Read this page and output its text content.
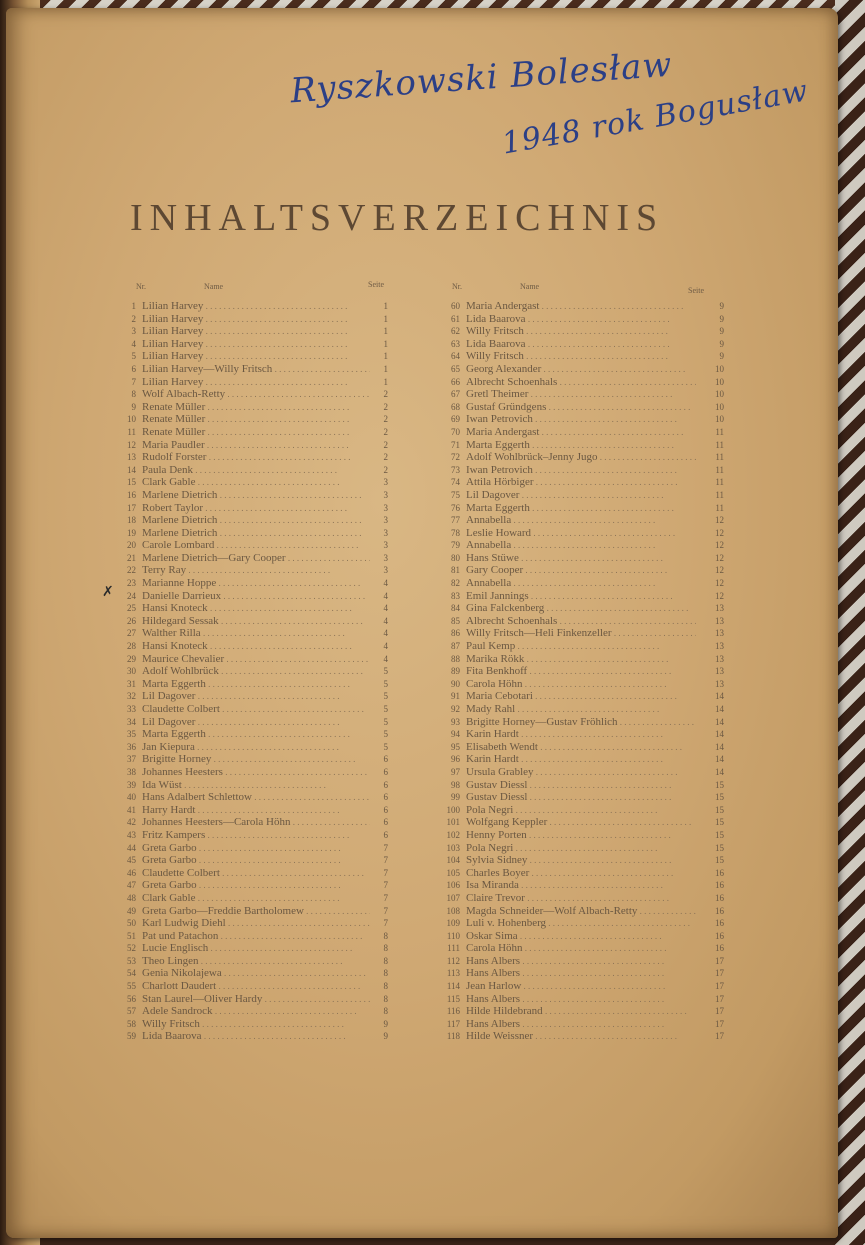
Ryszkowski Bolesław
1948 rok Bogusław
INHALTSVERZEICHNIS
Nr.	Name	Seite	Nr.	Name	Seite
✗
1 Lilian Harvey . . .	1
2 Lilian Harvey . . .	1
3 Lilian Harvey . . .	1
4 Lilian Harvey . . .	1
5 Lilian Harvey . . .	1
6 Lilian Harvey—Willy Fritsch . . .	1
7 Lilian Harvey . . .	1
8 Wolf Albach-Retty . . .	2
9 Renate Müller . . .	2
10 Renate Müller . . .	2
11 Renate Müller . . .	2
12 Maria Paudler . . .	2
13 Rudolf Forster . . .	2
14 Paula Denk . . .	2
15 Clark Gable . . .	3
16 Marlene Dietrich . . .	3
17 Robert Taylor . . .	3
18 Marlene Dietrich . . .	3
19 Marlene Dietrich . . .	3
20 Carole Lombard . . .	3
21 Marlene Dietrich—Gary Cooper . . .	3
22 Terry Ray . . .	3
23 Marianne Hoppe . . .	4
24 Danielle Darrieux . . .	4
25 Hansi Knoteck . . .	4
26 Hildegard Sessak . . .	4
27 Walther Rilla . . .	4
28 Hansi Knoteck . . .	4
29 Maurice Chevalier . . .	4
30 Adolf Wohlbrück . . .	5
31 Marta Eggerth . . .	5
32 Lil Dagover . . .	5
33 Claudette Colbert . . .	5
34 Lil Dagover . . .	5
35 Marta Eggerth . . .	5
36 Jan Kiepura . . .	5
37 Brigitte Horney . . .	6
38 Johannes Heesters . . .	6
39 Ida Wüst . . .	6
40 Hans Adalbert Schlettow . . .	6
41 Harry Hardt . . .	6
42 Johannes Heesters—Carola Höhn . . .	6
43 Fritz Kampers . . .	6
44 Greta Garbo . . .	7
45 Greta Garbo . . .	7
46 Claudette Colbert . . .	7
47 Greta Garbo . . .	7
48 Clark Gable . . .	7
49 Greta Garbo—Freddie Bartholomew . . .	7
50 Karl Ludwig Diehl . . .	7
51 Pat und Patachon . . .	8
52 Lucie Englisch . . .	8
53 Theo Lingen . . .	8
54 Genia Nikolajewa . . .	8
55 Charlott Daudert . . .	8
56 Stan Laurel—Oliver Hardy . . .	8
57 Adele Sandrock . . .	8
58 Willy Fritsch . . .	9
59 Lida Baarova . . .	9
60 Maria Andergast . . .	9
61 Lida Baarova . . .	9
62 Willy Fritsch . . .	9
63 Lida Baarova . . .	9
64 Willy Fritsch . . .	9
65 Georg Alexander . . .	10
66 Albrecht Schoenhals . . .	10
67 Gretl Theimer . . .	10
68 Gustaf Gründgens . . .	10
69 Iwan Petrovich . . .	10
70 Maria Andergast . . .	11
71 Marta Eggerth . . .	11
72 Adolf Wohlbrück–Jenny Jugo . . .	11
73 Iwan Petrovich . . .	11
74 Attila Hörbiger . . .	11
75 Lil Dagover . . .	11
76 Marta Eggerth . . .	11
77 Annabella . . .	12
78 Leslie Howard . . .	12
79 Annabella . . .	12
80 Hans Stüwe . . .	12
81 Gary Cooper . . .	12
82 Annabella . . .	12
83 Emil Jannings . . .	12
84 Gina Falckenberg . . .	13
85 Albrecht Schoenhals . . .	13
86 Willy Fritsch—Heli Finkenzeller . . .	13
87 Paul Kemp . . .	13
88 Marika Rökk . . .	13
89 Fita Benkhoff . . .	13
90 Carola Höhn . . .	13
91 Maria Cebotari . . .	14
92 Mady Rahl . . .	14
93 Brigitte Horney—Gustav Fröhlich . . .	14
94 Karin Hardt . . .	14
95 Elisabeth Wendt . . .	14
96 Karin Hardt . . .	14
97 Ursula Grabley . . .	14
98 Gustav Diessl . . .	15
99 Gustav Diessl . . .	15
100 Pola Negri . . .	15
101 Wolfgang Keppler . . .	15
102 Henny Porten . . .	15
103 Pola Negri . . .	15
104 Sylvia Sidney . . .	15
105 Charles Boyer . . .	16
106 Isa Miranda . . .	16
107 Claire Trevor . . .	16
108 Magda Schneider—Wolf Albach-Retty . . .	16
109 Luli v. Hohenberg . . .	16
110 Oskar Sima . . .	16
111 Carola Höhn . . .	16
112 Hans Albers . . .	17
113 Hans Albers . . .	17
114 Jean Harlow . . .	17
115 Hans Albers . . .	17
116 Hilde Hildebrand . . .	17
117 Hans Albers . . .	17
118 Hilde Weissner . . .	17
